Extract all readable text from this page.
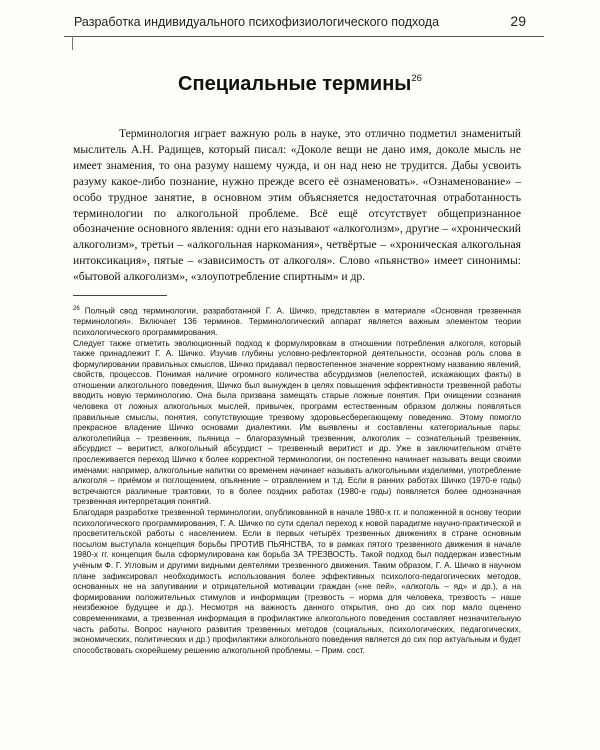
Разработка индивидуального психофизиологического подхода	29
Специальные термины$^{26}$

Терминология играет важную роль в науке, это отлично подметил знаменитый мыслитель А.Н. Радищев, который писал: «Доколе вещи не дано имя, доколе мысль не имеет знамения, то она разуму нашему чужда, и он над нею не трудится. Дабы усвоить разуму какое-либо познание, нужно прежде всего её ознаменовать». «Ознаменование» – особо трудное занятие, в основном этим объясняется недостаточная отработанность терминологии по алкогольной проблеме. Всё ещё отсутствует общепризнанное обозначение основного явления: одни его называют «алкоголизм», другие – «хронический алкоголизм», третьи – «алкогольная наркомания», четвёртые – «хроническая алкогольная интоксикация», пятые – «зависимость от алкоголя». Слово «пьянство» имеет синонимы: «бытовой алкоголизм», «злоупотребление спиртным» и др.

$^{26}$ Полный свод терминологии, разработанной Г. А. Шичко, представлен в материале «Основная трезвенная терминология». Включает 136 терминов. Терминологический аппарат является важным элементом теории психологического программирования.

Следует также отметить эволюционный подход к формулировкам в отношении потребления алкоголя, который также принадлежит Г. А. Шичко. Изучив глубины условно-рефлекторной деятельности, осознав роль слова в формулировании правильных смыслов, Шичко придавал первостепенное значение корректному названию явлений, свойств, процессов. Понимая наличие огромного количества абсурдизмов (нелепостей, искажающих факты) в отношении алкогольного поведения, Шичко был вынужден в целях повышения эффективности трезвенной работы вводить новую терминологию. Она была призвана замещать старые ложные понятия. При очищении сознания человека от ложных алкогольных мыслей, привычек, программ естественным образом должны появляться правильные смыслы, понятия, сопутствующие трезвому здоровьесберегающему поведению. Этому помогло прекрасное владение Шичко основами диалектики. Им выявлены и составлены категориальные пары: алкоголепийца – трезвенник, пьяница – благоразумный трезвенник, алкоголик – сознательный трезвенник, абсурдист – веритист, алкогольный абсурдист – трезвенный веритист и др. Уже в заключительном отчёте прослеживается переход Шичко к более корректной терминологии, он постепенно начинает называть вещи своими именами: например, алкогольные напитки со временем начинает называть алкогольными изделиями, употребление алкоголя – приёмом и поглощением, опьянение – отравлением и т.д. Если в ранних работах Шичко (1970-е годы) встречаются различные трактовки, то в более поздних работах (1980-е годы) появляется более однозначная трезвенная интерпретация понятий.

Благодаря разработке трезвенной терминологии, опубликованной в начале 1980-х гг. и положенной в основу теории психологического программирования, Г. А. Шичко по сути сделал переход к новой парадигме научно-практической и просветительской работы с населением. Если в первых четырёх трезвенных движениях в стране основным посылом выступала концепция борьбы ПРОТИВ ПЬЯНСТВА, то в рамках пятого трезвенного движения в начале 1980-х гг. концепция была сформулирована как борьба ЗА ТРЕЗВОСТЬ. Такой подход был поддержан известным учёным Ф. Г. Угловым и другими видными деятелями трезвенного движения. Таким образом, Г. А. Шичко в научном плане зафиксировал необходимость использования более эффективных психолого-педагогических методов, основанных не на запугивании и отрицательной мотивации граждан («не пей», «алкоголь – яд» и др.), а на формировании положительных стимулов и информации (трезвость – норма для человека, трезвость – наше неизбежное будущее и др.). Несмотря на важность данного открытия, оно до сих пор мало оценено современниками, а трезвенная информация в профилактике алкогольного поведения составляет незначительную часть работы. Вопрос научного развития трезвенных методов (социальных, психологических, педагогических, экономических, политических и др.) профилактики алкогольного поведения является до сих пор актуальным и будет способствовать скорейшему решению алкогольной проблемы. – Прим. сост.
